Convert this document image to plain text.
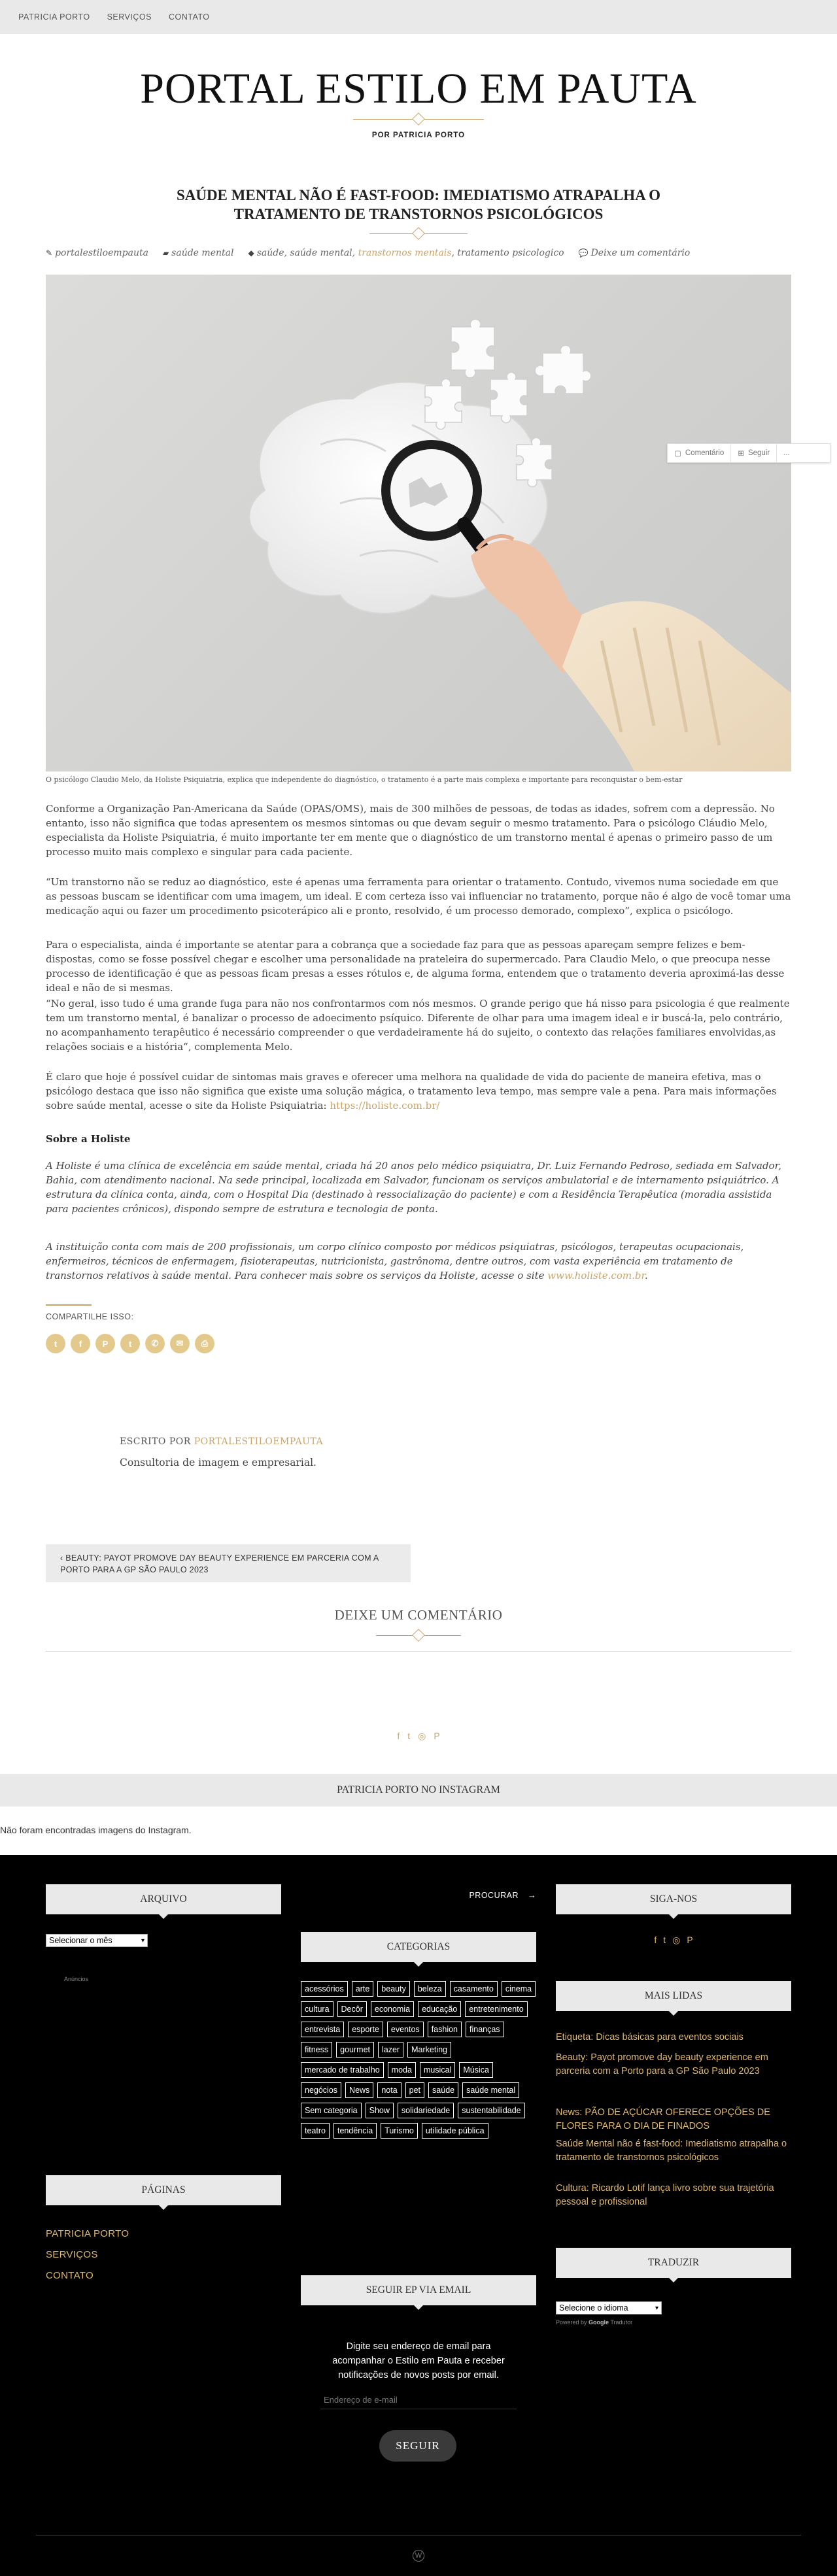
PATRICIA PORTO SERVIÇOS CONTATO
PORTAL ESTILO EM PAUTA
POR PATRICIA PORTO
SAÚDE MENTAL NÃO É FAST-FOOD: IMEDIATISMO ATRAPALHA O TRATAMENTO DE TRANSTORNOS PSICOLÓGICOS
✎ portalestiloempauta ▰ saúde mental ◆ saúde, saúde mental, transtornos mentais, tratamento psicologico 💬 Deixe um comentário
O psicólogo Claudio Melo, da Holiste Psiquiatria, explica que independente do diagnóstico, o tratamento é a parte mais complexa e importante para reconquistar o bem-estar
▢ Comentário ⊞ Seguir	...

Conforme a Organização Pan-Americana da Saúde (OPAS/OMS), mais de 300 milhões de pessoas, de todas as idades, sofrem com a depressão. No entanto, isso não significa que todas apresentem os mesmos sintomas ou que devam seguir o mesmo tratamento. Para o psicólogo Cláudio Melo, especialista da Holiste Psiquiatria, é muito importante ter em mente que o diagnóstico de um transtorno mental é apenas o primeiro passo de um processo muito mais complexo e singular para cada paciente.

“Um transtorno não se reduz ao diagnóstico, este é apenas uma ferramenta para orientar o tratamento. Contudo, vivemos numa sociedade em que as pessoas buscam se identificar com uma imagem, um ideal. E com certeza isso vai influenciar no tratamento, porque não é algo de você tomar uma medicação aqui ou fazer um procedimento psicoterápico ali e pronto, resolvido, é um processo demorado, complexo”, explica o psicólogo.

Para o especialista, ainda é importante se atentar para a cobrança que a sociedade faz para que as pessoas apareçam sempre felizes e bem-dispostas, como se fosse possível chegar e escolher uma personalidade na prateleira do supermercado. Para Claudio Melo, o que preocupa nesse processo de identificação é que as pessoas ficam presas a esses rótulos e, de alguma forma, entendem que o tratamento deveria aproximá-las desse ideal e não de si mesmas.

“No geral, isso tudo é uma grande fuga para não nos confrontarmos com nós mesmos. O grande perigo que há nisso para psicologia é que realmente tem um transtorno mental, é banalizar o processo de adoecimento psíquico. Diferente de olhar para uma imagem ideal e ir buscá-la, pelo contrário, no acompanhamento terapêutico é necessário compreender o que verdadeiramente há do sujeito, o contexto das relações familiares envolvidas,as relações sociais e a história”, complementa Melo.

É claro que hoje é possível cuidar de sintomas mais graves e oferecer uma melhora na qualidade de vida do paciente de maneira efetiva, mas o psicólogo destaca que isso não significa que existe uma solução mágica, o tratamento leva tempo, mas sempre vale a pena. Para mais informações sobre saúde mental, acesse o site da Holiste Psiquiatria: https://holiste.com.br/

Sobre a Holiste

A Holiste é uma clínica de excelência em saúde mental, criada há 20 anos pelo médico psiquiatra, Dr. Luiz Fernando Pedroso, sediada em Salvador, Bahia, com atendimento nacional. Na sede principal, localizada em Salvador, funcionam os serviços ambulatorial e de internamento psiquiátrico. A estrutura da clínica conta, ainda, com o Hospital Dia (destinado à ressocialização do paciente) e com a Residência Terapêutica (moradia assistida para pacientes crônicos), dispondo sempre de estrutura e tecnologia de ponta.

A instituição conta com mais de 200 profissionais, um corpo clínico composto por médicos psiquiatras, psicólogos, terapeutas ocupacionais, enfermeiros, técnicos de enfermagem, fisioterapeutas, nutricionista, gastrônoma, dentre outros, com vasta experiência em tratamento de transtornos relativos à saúde mental. Para conhecer mais sobre os serviços da Holiste, acesse o site www.holiste.com.br.

COMPARTILHE ISSO:
t	f	P	t	✆	✉	⎙
ESCRITO POR PORTALESTILOEMPAUTA
Consultoria de imagem e empresarial.
‹ BEAUTY: PAYOT PROMOVE DAY BEAUTY EXPERIENCE EM PARCERIA COM A PORTO PARA A GP SÃO PAULO 2023
DEIXE UM COMENTÁRIO
f t ◎ P
PATRICIA PORTO NO INSTAGRAM
Não foram encontradas imagens do Instagram.
ARQUIVO
Selecionar o mês
▾
Anúncios
PÁGINAS
PATRICIA PORTO
SERVIÇOS
CONTATO
PROCURAR →
CATEGORIAS
acessórios	arte	beauty	beleza	casamento	cinema
cultura	Decôr	economia	educação	entretenimento
entrevista	esporte	eventos	fashion	finanças
fitness	gourmet	lazer	Marketing
mercado de trabalho	moda	musical	Música
negócios	News	nota	pet	saúde	saúde mental
Sem categoria	Show	solidariedade	sustentabilidade
teatro	tendência	Turismo	utilidade pública
SEGUIR EP VIA EMAIL
Digite seu endereço de email para acompanhar o Estilo em Pauta e receber notificações de novos posts por email.
Endereço de e-mail
SEGUIR
SIGA-NOS
f t ◎ P
MAIS LIDAS
Etiqueta: Dicas básicas para eventos sociais
Beauty: Payot promove day beauty experience em parceria com a Porto para a GP São Paulo 2023
News: PÃO DE AÇÚCAR OFERECE OPÇÕES DE FLORES PARA O DIA DE FINADOS
Saúde Mental não é fast-food: Imediatismo atrapalha o tratamento de transtornos psicológicos
Cultura: Ricardo Lotif lança livro sobre sua trajetória pessoal e profissional
TRADUZIR
Selecione o idioma
▾
Powered by Google Tradutor
W
